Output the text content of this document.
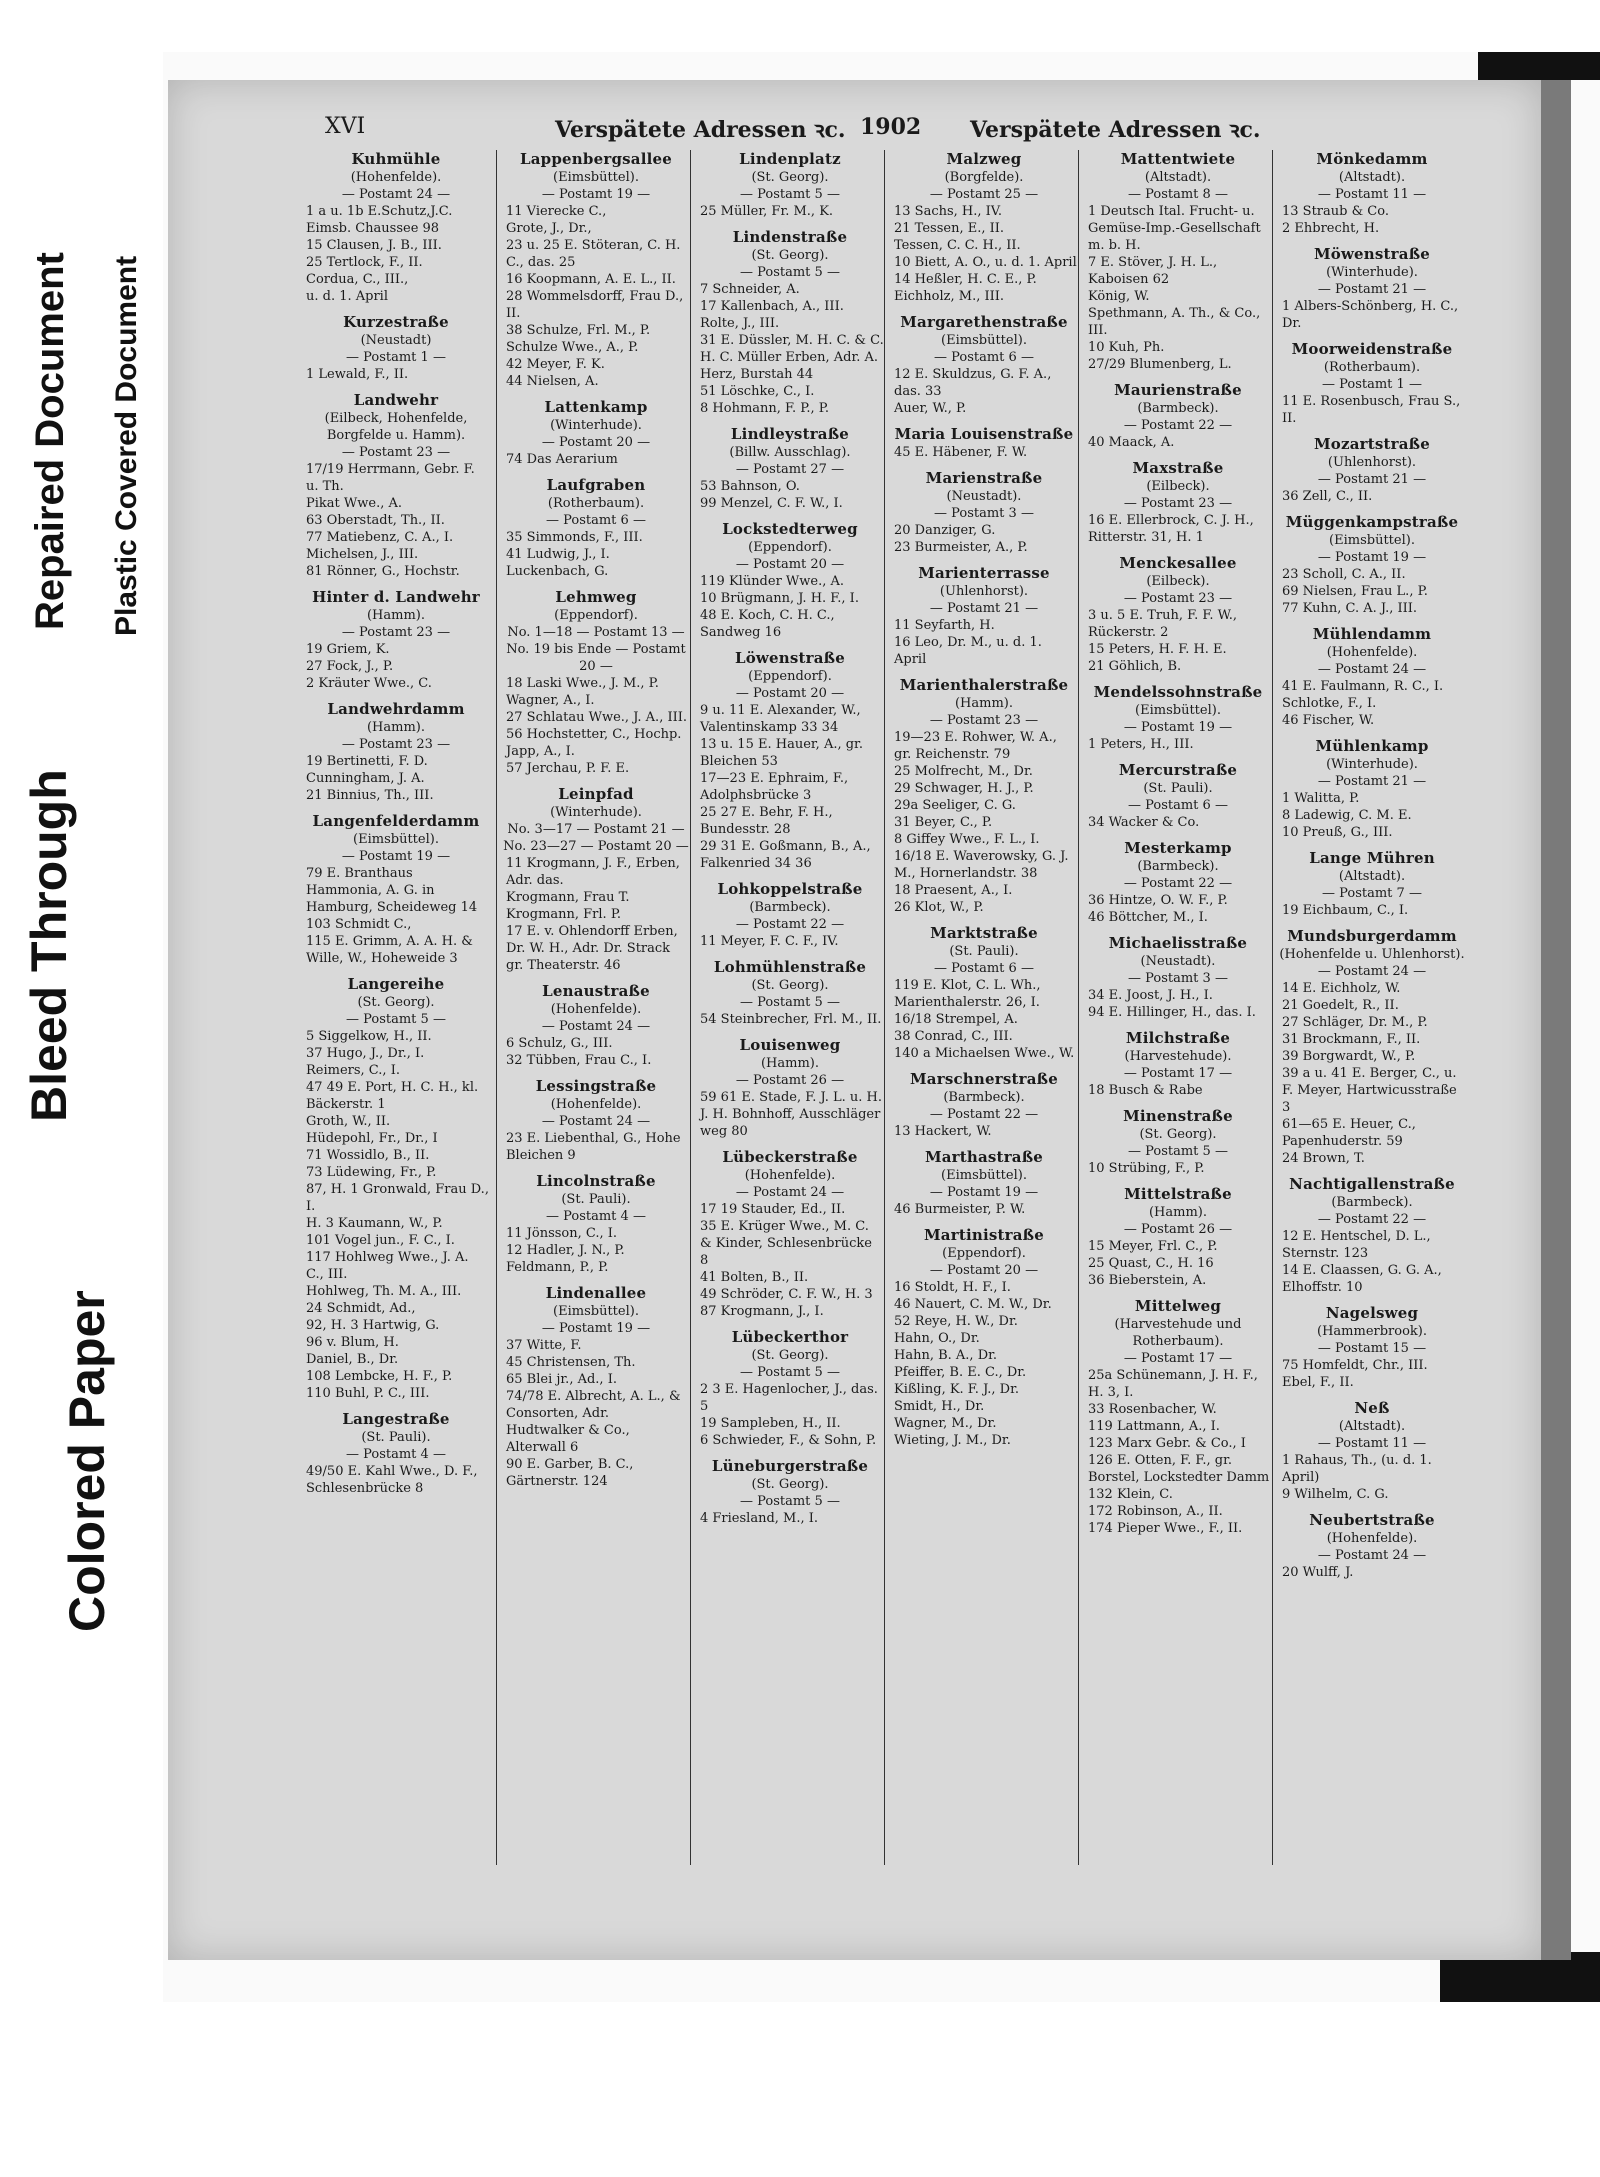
Colored Paper
Bleed Through
Repaired Document Plastic Covered Document
XVI	Verspätete Adressen ꝛc. 1902 Verspätete Adressen ꝛc.
Kuhmühle
(Hohenfelde).
— Postamt 24 —
1 a u. 1b E.Schutz,J.C.
Eimsb. Chaussee 98
15 Clausen, J. B., III.
25 Tertlock, F., II.
Cordua, C., III.,
u. d. 1. April
Kurzestraße
(Neustadt)
— Postamt 1 —
1 Lewald, F., II.
Landwehr
(Eilbeck, Hohenfelde, Borgfelde u. Hamm).
— Postamt 23 —
17/19 Herrmann, Gebr. F. u. Th.
Pikat Wwe., A.
63 Oberstadt, Th., II.
77 Matiebenz, C. A., I.
Michelsen, J., III.
81 Rönner, G., Hochstr.
Hinter d. Landwehr
(Hamm).
— Postamt 23 —
19 Griem, K.
27 Fock, J., P.
2 Kräuter Wwe., C.
Landwehrdamm
(Hamm).
— Postamt 23 —
19 Bertinetti, F. D.
Cunningham, J. A.
21 Binnius, Th., III.
Langenfelderdamm
(Eimsbüttel).
— Postamt 19 —
79 E. Branthaus Hammonia, A. G. in Hamburg, Scheideweg 14
103 Schmidt C.,
115 E. Grimm, A. A. H. & Wille, W., Hoheweide 3
Langereihe
(St. Georg).
— Postamt 5 —
5 Siggelkow, H., II.
37 Hugo, J., Dr., I.
Reimers, C., I.
47 49 E. Port, H. C. H., kl. Bäckerstr. 1
Groth, W., II.
Hüdepohl, Fr., Dr., I
71 Wossidlo, B., II.
73 Lüdewing, Fr., P.
87, H. 1 Gronwald, Frau D., I.
H. 3 Kaumann, W., P.
101 Vogel jun., F. C., I.
117 Hohlweg Wwe., J. A. C., III.
Hohlweg, Th. M. A., III.
24 Schmidt, Ad.,
92, H. 3 Hartwig, G.
96 v. Blum, H.
Daniel, B., Dr.
108 Lembcke, H. F., P.
110 Buhl, P. C., III.
Langestraße
(St. Pauli).
— Postamt 4 —
49/50 E. Kahl Wwe., D. F., Schlesenbrücke 8
Lappenbergsallee
(Eimsbüttel).
— Postamt 19 —
11 Vierecke C.,
Grote, J., Dr.,
23 u. 25 E. Stöteran, C. H. C., das. 25
16 Koopmann, A. E. L., II.
28 Wommelsdorff, Frau D., II.
38 Schulze, Frl. M., P.
Schulze Wwe., A., P.
42 Meyer, F. K.
44 Nielsen, A.
Lattenkamp
(Winterhude).
— Postamt 20 —
74 Das Aerarium
Laufgraben
(Rotherbaum).
— Postamt 6 —
35 Simmonds, F., III.
41 Ludwig, J., I.
Luckenbach, G.
Lehmweg
(Eppendorf).
No. 1—18 — Postamt 13 — No. 19 bis Ende — Postamt 20 —
18 Laski Wwe., J. M., P.
Wagner, A., I.
27 Schlatau Wwe., J. A., III.
56 Hochstetter, C., Hochp.
Japp, A., I.
57 Jerchau, P. F. E.
Leinpfad
(Winterhude).
No. 3—17 — Postamt 21 — No. 23—27 — Postamt 20 —
11 Krogmann, J. F., Erben, Adr. das.
Krogmann, Frau T.
Krogmann, Frl. P.
17 E. v. Ohlendorff Erben, Dr. W. H., Adr. Dr. Strack gr. Theaterstr. 46
Lenaustraße
(Hohenfelde).
— Postamt 24 —
6 Schulz, G., III.
32 Tübben, Frau C., I.
Lessingstraße
(Hohenfelde).
— Postamt 24 —
23 E. Liebenthal, G., Hohe Bleichen 9
Lincolnstraße
(St. Pauli).
— Postamt 4 —
11 Jönsson, C., I.
12 Hadler, J. N., P.
Feldmann, P., P.
Lindenallee
(Eimsbüttel).
— Postamt 19 —
37 Witte, F.
45 Christensen, Th.
65 Blei jr., Ad., I.
74/78 E. Albrecht, A. L., & Consorten, Adr. Hudtwalker & Co., Alterwall 6
90 E. Garber, B. C., Gärtnerstr. 124
Lindenplatz
(St. Georg).
— Postamt 5 —
25 Müller, Fr. M., K.
Lindenstraße
(St. Georg).
— Postamt 5 —
7 Schneider, A.
17 Kallenbach, A., III.
Rolte, J., III.
31 E. Düssler, M. H. C. & C. H. C. Müller Erben, Adr. A. Herz, Burstah 44
51 Löschke, C., I.
8 Hohmann, F. P., P.
Lindleystraße
(Billw. Ausschlag).
— Postamt 27 —
53 Bahnson, O.
99 Menzel, C. F. W., I.
Lockstedterweg
(Eppendorf).
— Postamt 20 —
119 Klünder Wwe., A.
10 Brügmann, J. H. F., I.
48 E. Koch, C. H. C., Sandweg 16
Löwenstraße
(Eppendorf).
— Postamt 20 —
9 u. 11 E. Alexander, W., Valentinskamp 33 34
13 u. 15 E. Hauer, A., gr. Bleichen 53
17—23 E. Ephraim, F., Adolphsbrücke 3
25 27 E. Behr, F. H., Bundesstr. 28
29 31 E. Goßmann, B., A., Falkenried 34 36
Lohkoppelstraße
(Barmbeck).
— Postamt 22 —
11 Meyer, F. C. F., IV.
Lohmühlenstraße
(St. Georg).
— Postamt 5 —
54 Steinbrecher, Frl. M., II.
Louisenweg
(Hamm).
— Postamt 26 —
59 61 E. Stade, F. J. L. u. H. J. H. Bohnhoff, Ausschläger weg 80
Lübeckerstraße
(Hohenfelde).
— Postamt 24 —
17 19 Stauder, Ed., II.
35 E. Krüger Wwe., M. C. & Kinder, Schlesenbrücke 8
41 Bolten, B., II.
49 Schröder, C. F. W., H. 3
87 Krogmann, J., I.
Lübeckerthor
(St. Georg).
— Postamt 5 —
2 3 E. Hagenlocher, J., das. 5
19 Sampleben, H., II.
6 Schwieder, F., & Sohn, P.
Lüneburgerstraße
(St. Georg).
— Postamt 5 —
4 Friesland, M., I.
Malzweg
(Borgfelde).
— Postamt 25 —
13 Sachs, H., IV.
21 Tessen, E., II.
Tessen, C. C. H., II.
10 Biett, A. O., u. d. 1. April
14 Heßler, H. C. E., P.
Eichholz, M., III.
Margarethenstraße
(Eimsbüttel).
— Postamt 6 —
12 E. Skuldzus, G. F. A., das. 33
Auer, W., P.
Maria Louisenstraße
45 E. Häbener, F. W.
Marienstraße
(Neustadt).
— Postamt 3 —
20 Danziger, G.
23 Burmeister, A., P.
Marienterrasse
(Uhlenhorst).
— Postamt 21 —
11 Seyfarth, H.
16 Leo, Dr. M., u. d. 1. April
Marienthalerstraße
(Hamm).
— Postamt 23 —
19—23 E. Rohwer, W. A., gr. Reichenstr. 79
25 Molfrecht, M., Dr.
29 Schwager, H. J., P.
29a Seeliger, C. G.
31 Beyer, C., P.
8 Giffey Wwe., F. L., I.
16/18 E. Waverowsky, G. J. M., Hornerlandstr. 38
18 Praesent, A., I.
26 Klot, W., P.
Marktstraße
(St. Pauli).
— Postamt 6 —
119 E. Klot, C. L. Wh., Marienthalerstr. 26, I.
16/18 Strempel, A.
38 Conrad, C., III.
140 a Michaelsen Wwe., W.
Marschnerstraße
(Barmbeck).
— Postamt 22 —
13 Hackert, W.
Marthastraße
(Eimsbüttel).
— Postamt 19 —
46 Burmeister, P. W.
Martinistraße
(Eppendorf).
— Postamt 20 —
16 Stoldt, H. F., I.
46 Nauert, C. M. W., Dr.
52 Reye, H. W., Dr.
Hahn, O., Dr.
Hahn, B. A., Dr.
Pfeiffer, B. E. C., Dr.
Kißling, K. F. J., Dr.
Smidt, H., Dr.
Wagner, M., Dr.
Wieting, J. M., Dr.
Mattentwiete
(Altstadt).
— Postamt 8 —
1 Deutsch Ital. Frucht- u. Gemüse-Imp.-Gesellschaft m. b. H.
7 E. Stöver, J. H. L., Kaboisen 62
König, W.
Spethmann, A. Th., & Co., III.
10 Kuh, Ph.
27/29 Blumenberg, L.
Maurienstraße
(Barmbeck).
— Postamt 22 —
40 Maack, A.
Maxstraße
(Eilbeck).
— Postamt 23 —
16 E. Ellerbrock, C. J. H., Ritterstr. 31, H. 1
Menckesallee
(Eilbeck).
— Postamt 23 —
3 u. 5 E. Truh, F. F. W., Rückerstr. 2
15 Peters, H. F. H. E.
21 Göhlich, B.
Mendelssohnstraße
(Eimsbüttel).
— Postamt 19 —
1 Peters, H., III.
Mercurstraße
(St. Pauli).
— Postamt 6 —
34 Wacker & Co.
Mesterkamp
(Barmbeck).
— Postamt 22 —
36 Hintze, O. W. F., P.
46 Böttcher, M., I.
Michaelisstraße
(Neustadt).
— Postamt 3 —
34 E. Joost, J. H., I.
94 E. Hillinger, H., das. I.
Milchstraße
(Harvestehude).
— Postamt 17 —
18 Busch & Rabe
Minenstraße
(St. Georg).
— Postamt 5 —
10 Strübing, F., P.
Mittelstraße
(Hamm).
— Postamt 26 —
15 Meyer, Frl. C., P.
25 Quast, C., H. 16
36 Bieberstein, A.
Mittelweg
(Harvestehude und Rotherbaum).
— Postamt 17 —
25a Schünemann, J. H. F., H. 3, I.
33 Rosenbacher, W.
119 Lattmann, A., I.
123 Marx Gebr. & Co., I
126 E. Otten, F. F., gr. Borstel, Lockstedter Damm
132 Klein, C.
172 Robinson, A., II.
174 Pieper Wwe., F., II.
Mönkedamm
(Altstadt).
— Postamt 11 —
13 Straub & Co.
2 Ehbrecht, H.
Möwenstraße
(Winterhude).
— Postamt 21 —
1 Albers-Schönberg, H. C., Dr.
Moorweidenstraße
(Rotherbaum).
— Postamt 1 —
11 E. Rosenbusch, Frau S., II.
Mozartstraße
(Uhlenhorst).
— Postamt 21 —
36 Zell, C., II.
Müggenkampstraße
(Eimsbüttel).
— Postamt 19 —
23 Scholl, C. A., II.
69 Nielsen, Frau L., P.
77 Kuhn, C. A. J., III.
Mühlendamm
(Hohenfelde).
— Postamt 24 —
41 E. Faulmann, R. C., I.
Schlotke, F., I.
46 Fischer, W.
Mühlenkamp
(Winterhude).
— Postamt 21 —
1 Walitta, P.
8 Ladewig, C. M. E.
10 Preuß, G., III.
Lange Mühren
(Altstadt).
— Postamt 7 —
19 Eichbaum, C., I.
Mundsburgerdamm
(Hohenfelde u. Uhlenhorst).
— Postamt 24 —
14 E. Eichholz, W.
21 Goedelt, R., II.
27 Schläger, Dr. M., P.
31 Brockmann, F., II.
39 Borgwardt, W., P.
39 a u. 41 E. Berger, C., u. F. Meyer, Hartwicusstraße 3
61—65 E. Heuer, C., Papenhuderstr. 59
24 Brown, T.
Nachtigallenstraße
(Barmbeck).
— Postamt 22 —
12 E. Hentschel, D. L., Sternstr. 123
14 E. Claassen, G. G. A., Elhoffstr. 10
Nagelsweg
(Hammerbrook).
— Postamt 15 —
75 Homfeldt, Chr., III.
Ebel, F., II.
Neß
(Altstadt).
— Postamt 11 —
1 Rahaus, Th., (u. d. 1. April)
9 Wilhelm, C. G.
Neubertstraße
(Hohenfelde).
— Postamt 24 —
20 Wulff, J.
